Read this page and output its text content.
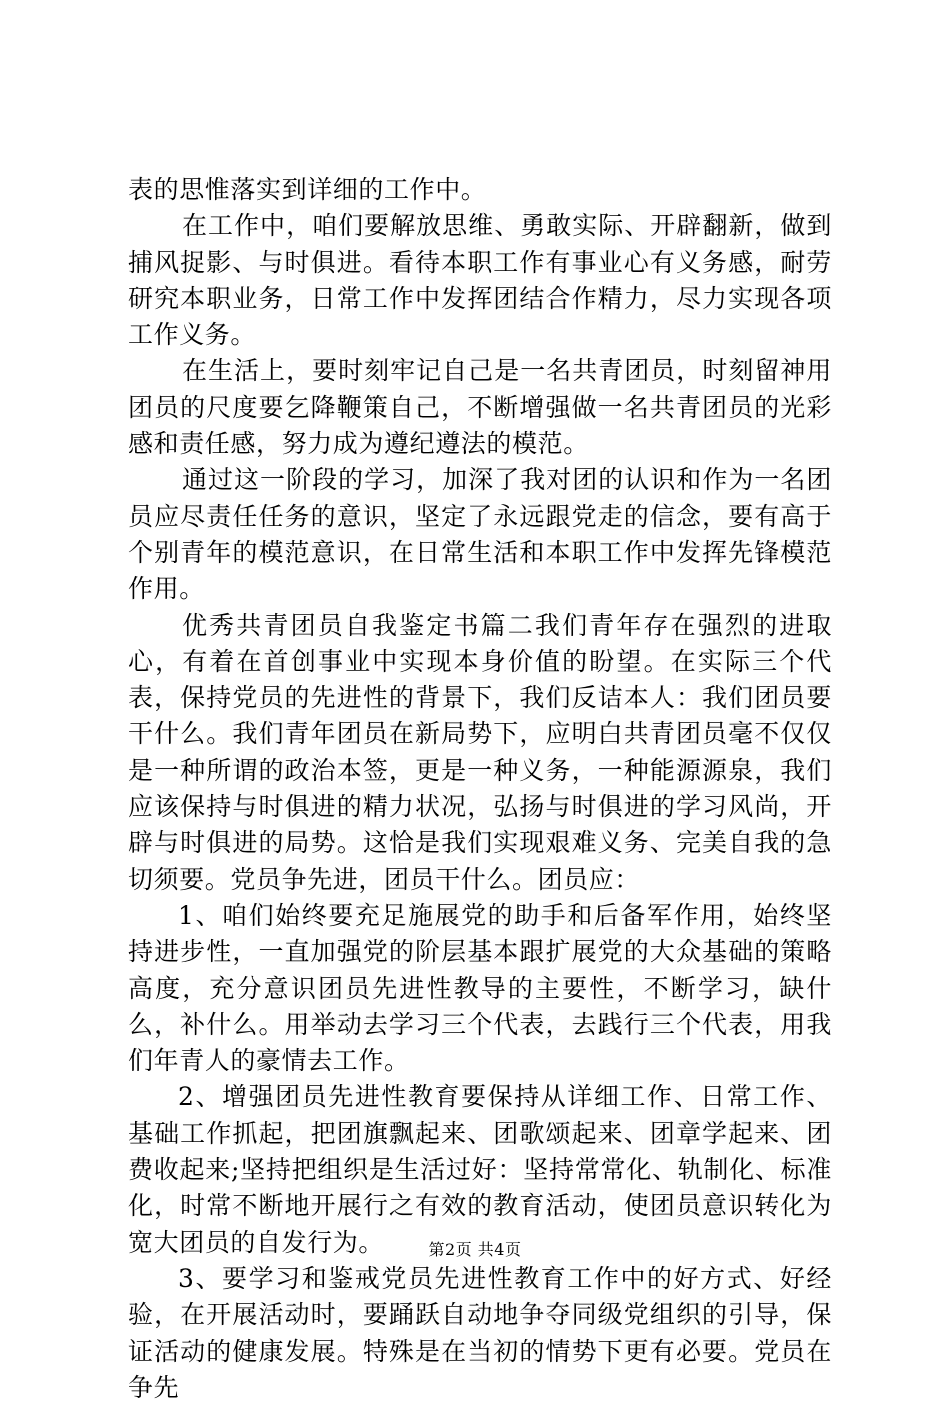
表的思惟落实到详细的工作中。

在工作中，咱们要解放思维、勇敢实际、开辟翻新，做到捕风捉影、与时俱进。看待本职工作有事业心有义务感，耐劳研究本职业务，日常工作中发挥团结合作精力，尽力实现各项工作义务。

在生活上，要时刻牢记自己是一名共青团员，时刻留神用团员的尺度要乞降鞭策自己，不断增强做一名共青团员的光彩感和责任感，努力成为遵纪遵法的模范。

通过这一阶段的学习，加深了我对团的认识和作为一名团员应尽责任任务的意识，坚定了永远跟党走的信念，要有高于个别青年的模范意识，在日常生活和本职工作中发挥先锋模范作用。

优秀共青团员自我鉴定书篇二我们青年存在强烈的进取心，有着在首创事业中实现本身价值的盼望。在实际三个代表，保持党员的先进性的背景下，我们反诘本人：我们团员要干什么。我们青年团员在新局势下，应明白共青团员毫不仅仅是一种所谓的政治本签，更是一种义务，一种能源源泉，我们应该保持与时俱进的精力状况，弘扬与时俱进的学习风尚，开辟与时俱进的局势。这恰是我们实现艰难义务、完美自我的急切须要。党员争先进，团员干什么。团员应：

1、咱们始终要充足施展党的助手和后备军作用，始终坚持进步性，一直加强党的阶层基本跟扩展党的大众基础的策略高度，充分意识团员先进性教导的主要性，不断学习，缺什么，补什么。用举动去学习三个代表，去践行三个代表，用我们年青人的豪情去工作。

2、增强团员先进性教育要保持从详细工作、日常工作、基础工作抓起，把团旗飘起来、团歌颂起来、团章学起来、团费收起来;坚持把组织是生活过好：坚持常常化、轨制化、标准化，时常不断地开展行之有效的教育活动，使团员意识转化为宽大团员的自发行为。

3、要学习和鉴戒党员先进性教育工作中的好方式、好经验，在开展活动时，要踊跃自动地争夺同级党组织的引导，保证活动的健康发展。特殊是在当初的情势下更有必要。党员在争先

第2页 共4页
